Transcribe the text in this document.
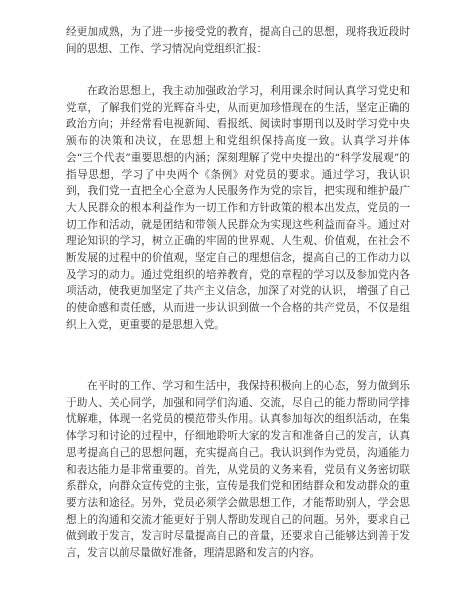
经更加成熟，为了进一步接受党的教育，提高自己的思想，现将我近段时间的思想、工作、学习情况向党组织汇报：

在政治思想上，我主动加强政治学习，利用课余时间认真学习党史和党章，了解我们党的光辉奋斗史，从而更加珍惜现在的生活，坚定正确的政治方向；并经常看电视新闻、看报纸、阅读时事期刊以及时学习党中央颁布的决策和决议，在思想上和党组织保持高度一致。认真学习并体会“三个代表”重要思想的内涵；深刻理解了党中央提出的“科学发展观”的指导思想，学习了中央两个《条例》对党员的要求。通过学习，我认识到，我们党一直把全心全意为人民服务作为党的宗旨，把实现和维护最广大人民群众的根本利益作为一切工作和方针政策的根本出发点，党员的一切工作和活动，就是团结和带领人民群众为实现这些利益而奋斗。通过对理论知识的学习，树立正确的牢固的世界观、人生观、价值观，在社会不断发展的过程中的价值观，坚定自己的理想信念，提高自己的工作动力以及学习的动力。通过党组织的培养教育，党的章程的学习以及参加党内各项活动，使我更加坚定了共产主义信念，加深了对党的认识， 增强了自己的使命感和责任感，从而进一步认识到做一个合格的共产党员，不仅是组织上入党，更重要的是思想入党。

在平时的工作、学习和生活中，我保持积极向上的心态，努力做到乐于助人、关心同学，加强和同学们沟通、交流，尽自己的能力帮助同学排忧解难，体现一名党员的模范带头作用。认真参加每次的组织活动，在集体学习和讨论的过程中，仔细地聆听大家的发言和准备自己的发言，认真思考提高自己的思想问题，充实提高自己。我认识到作为党员，沟通能力和表达能力是非常重要的。首先，从党员的义务来看，党员有义务密切联系群众，向群众宣传党的主张，宣传是我们党和团结群众和发动群众的重要方法和途径。另外，党员必须学会做思想工作，才能帮助别人，学会思想上的沟通和交流才能更好于别人帮助发现自己的问题。另外，要求自己做到敢于发言，发言时尽量提高自己的音量，还要求自己能够达到善于发言，发言以前尽量做好准备，理清思路和发言的内容。
